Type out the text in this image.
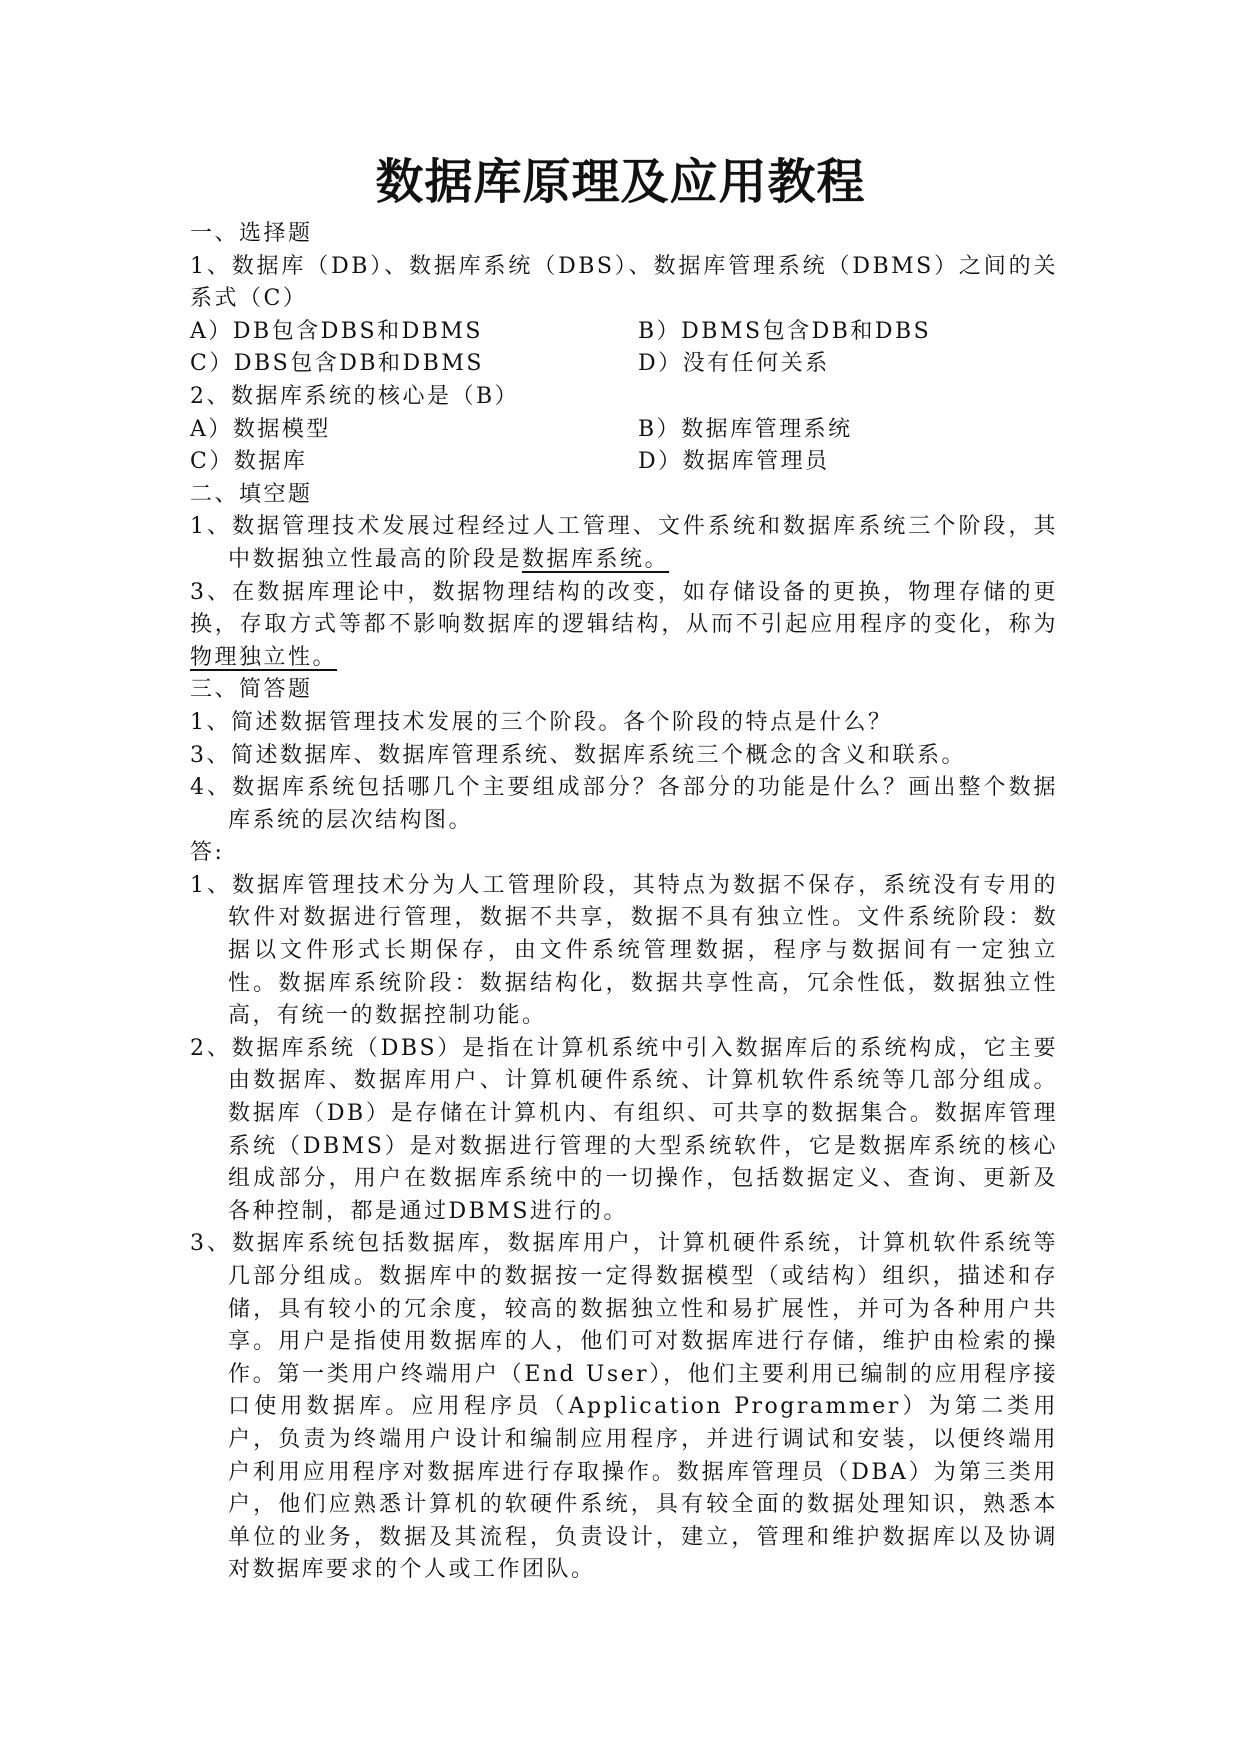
数据库原理及应用教程
一、选择题
1、数据库（DB）、数据库系统（DBS）、数据库管理系统（DBMS）之间的关系式（C）
A）DB包含DBS和DBMS	B）DBMS包含DB和DBS
C）DBS包含DB和DBMS	D）没有任何关系
2、数据库系统的核心是（B）
A）数据模型	B）数据库管理系统
C）数据库	D）数据库管理员
二、填空题
1、数据管理技术发展过程经过人工管理、文件系统和数据库系统三个阶段，其中数据独立性最高的阶段是数据库系统。
3、在数据库理论中，数据物理结构的改变，如存储设备的更换，物理存储的更换，存取方式等都不影响数据库的逻辑结构，从而不引起应用程序的变化，称为物理独立性。
三、简答题
1、简述数据管理技术发展的三个阶段。各个阶段的特点是什么？
3、简述数据库、数据库管理系统、数据库系统三个概念的含义和联系。
4、数据库系统包括哪几个主要组成部分？各部分的功能是什么？画出整个数据库系统的层次结构图。
答:
1、数据库管理技术分为人工管理阶段，其特点为数据不保存，系统没有专用的软件对数据进行管理，数据不共享，数据不具有独立性。文件系统阶段：数据以文件形式长期保存，由文件系统管理数据，程序与数据间有一定独立性。数据库系统阶段：数据结构化，数据共享性高，冗余性低，数据独立性高，有统一的数据控制功能。
2、数据库系统（DBS）是指在计算机系统中引入数据库后的系统构成，它主要由数据库、数据库用户、计算机硬件系统、计算机软件系统等几部分组成。数据库（DB）是存储在计算机内、有组织、可共享的数据集合。数据库管理系统（DBMS）是对数据进行管理的大型系统软件，它是数据库系统的核心组成部分，用户在数据库系统中的一切操作，包括数据定义、查询、更新及各种控制，都是通过DBMS进行的。
3、数据库系统包括数据库，数据库用户，计算机硬件系统，计算机软件系统等几部分组成。数据库中的数据按一定得数据模型（或结构）组织，描述和存储，具有较小的冗余度，较高的数据独立性和易扩展性，并可为各种用户共享。用户是指使用数据库的人，他们可对数据库进行存储，维护由检索的操作。第一类用户终端用户（End User），他们主要利用已编制的应用程序接口使用数据库。应用程序员（Application Programmer）为第二类用户，负责为终端用户设计和编制应用程序，并进行调试和安装，以便终端用户利用应用程序对数据库进行存取操作。数据库管理员（DBA）为第三类用户，他们应熟悉计算机的软硬件系统，具有较全面的数据处理知识，熟悉本单位的业务，数据及其流程，负责设计，建立，管理和维护数据库以及协调对数据库要求的个人或工作团队。
